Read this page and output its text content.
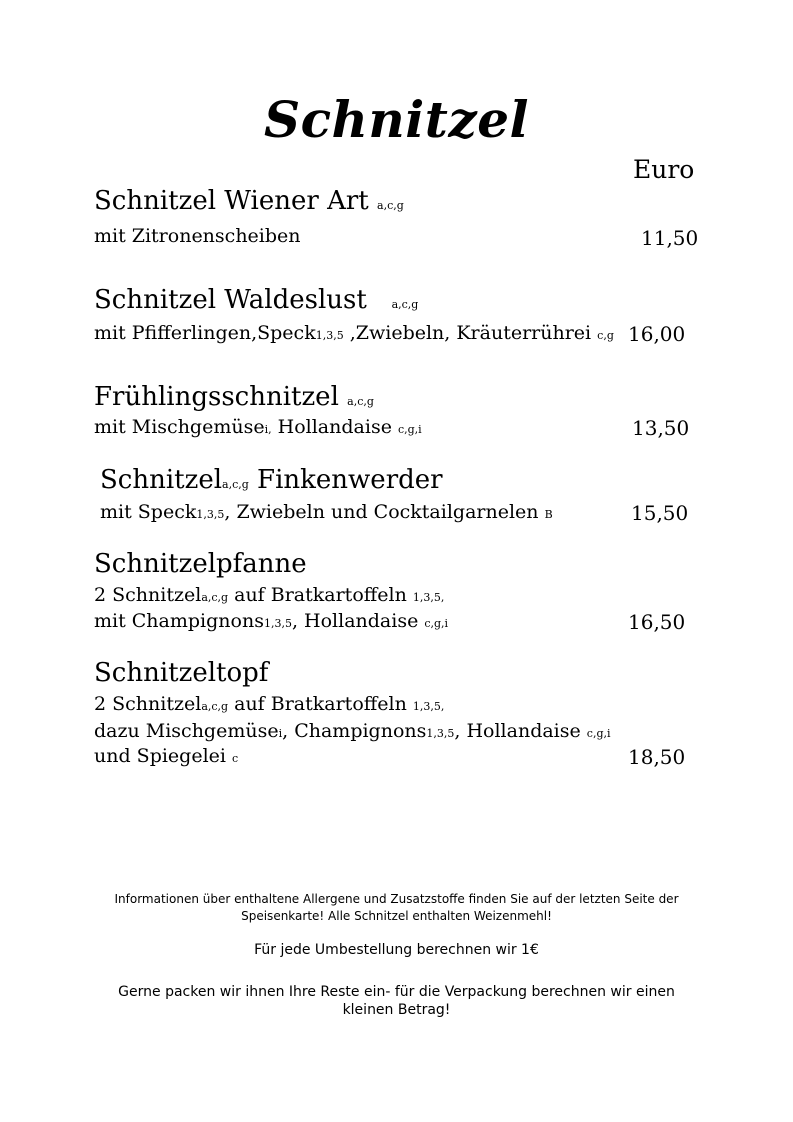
Schnitzel
Euro
Schnitzel Wiener Art a,c,g
mit Zitronenscheiben	11,50
Schnitzel Waldeslust a,c,g
mit Pfifferlingen,Speck1,3,5 ,Zwiebeln, Kräuterrührei c,g 16,00
Frühlingsschnitzel a,c,g
mit Mischgemüsei, Hollandaise c,g,i	13,50
Schnitzela,c,g Finkenwerder
mit Speck1,3,5, Zwiebeln und Cocktailgarnelen B	15,50
Schnitzelpfanne
2 Schnitzela,c,g auf Bratkartoffeln 1,3,5,
mit Champignons1,3,5, Hollandaise c,g,i	16,50
Schnitzeltopf
2 Schnitzela,c,g auf Bratkartoffeln 1,3,5,
dazu Mischgemüsei, Champignons1,3,5, Hollandaise c,g,i
und Spiegelei c	18,50

Informationen über enthaltene Allergene und Zusatzstoffe finden Sie auf der letzten Seite der Speisenkarte! Alle Schnitzel enthalten Weizenmehl!

Für jede Umbestellung berechnen wir 1€

Gerne packen wir ihnen Ihre Reste ein- für die Verpackung berechnen wir einen kleinen Betrag!
